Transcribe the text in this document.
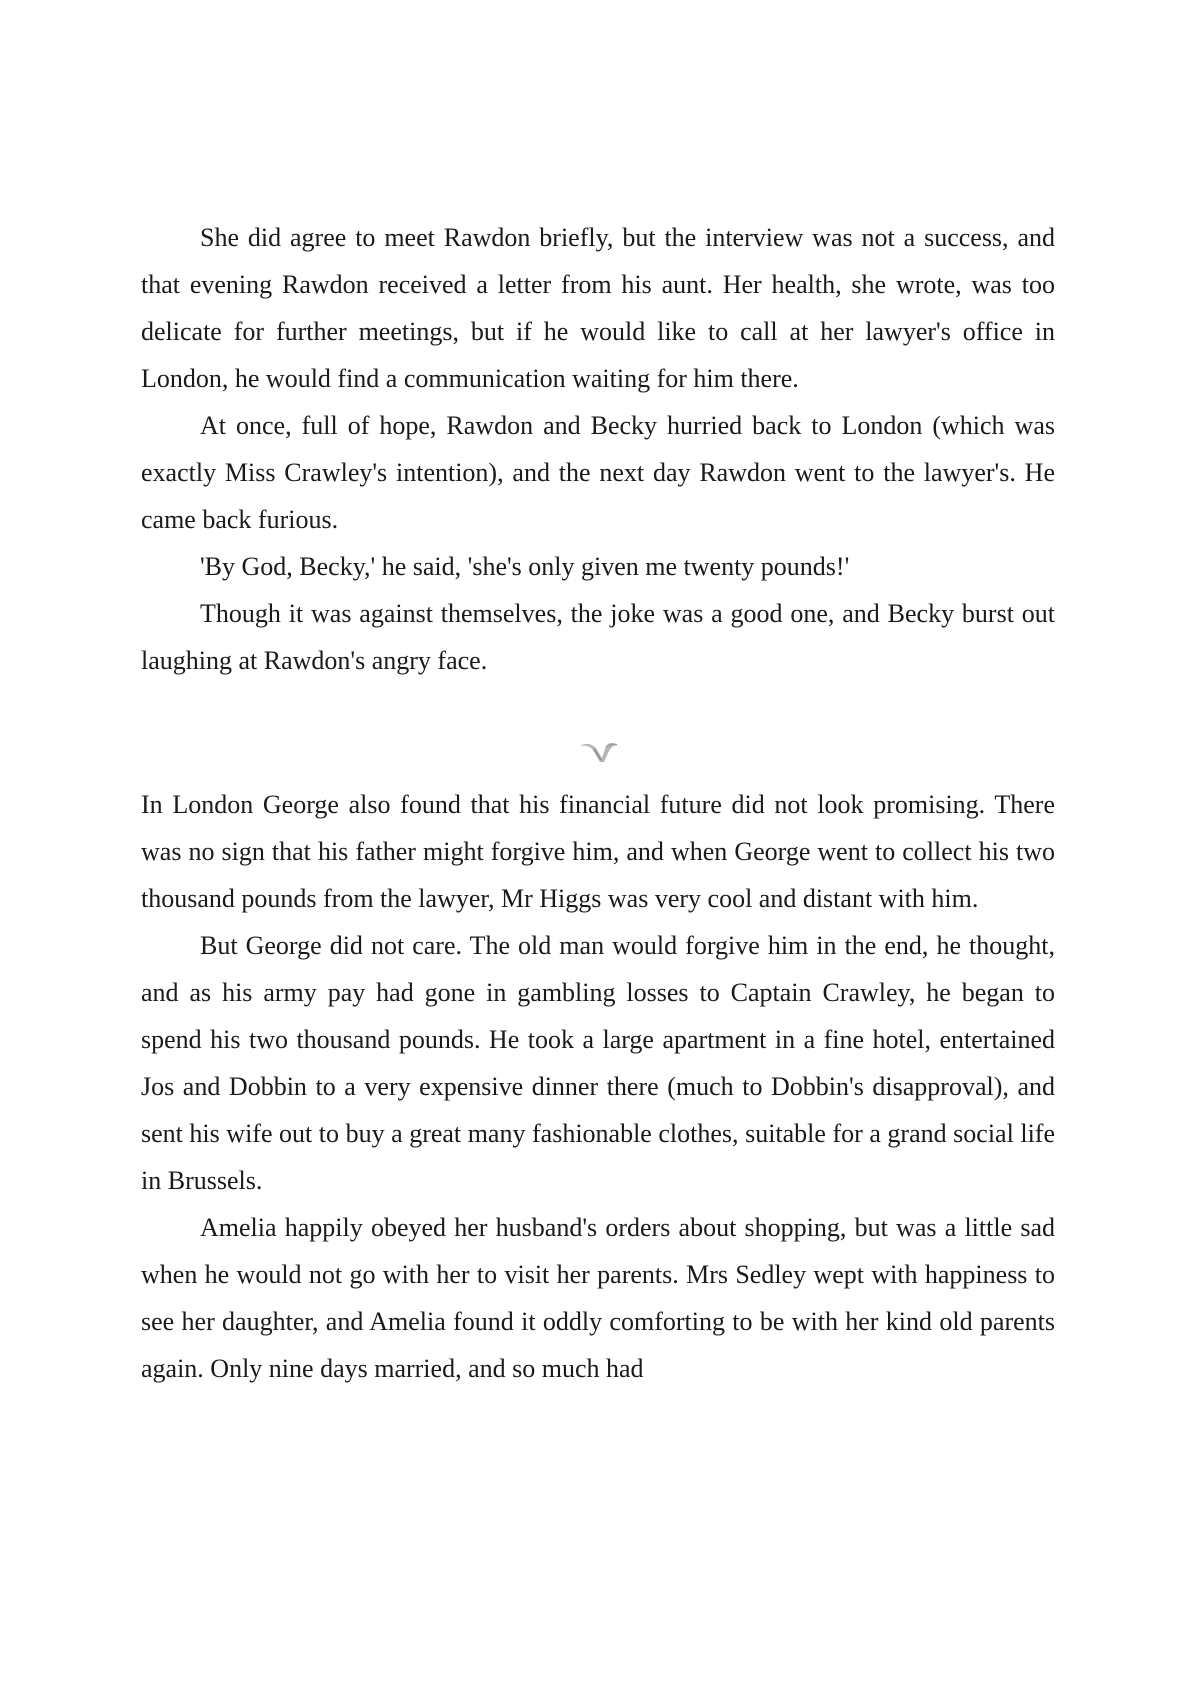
She did agree to meet Rawdon briefly, but the interview was not a success, and that evening Rawdon received a letter from his aunt. Her health, she wrote, was too delicate for further meetings, but if he would like to call at her lawyer's office in London, he would find a communication waiting for him there.

At once, full of hope, Rawdon and Becky hurried back to London (which was exactly Miss Crawley's intention), and the next day Rawdon went to the lawyer's. He came back furious.

'By God, Becky,' he said, 'she's only given me twenty pounds!'

Though it was against themselves, the joke was a good one, and Becky burst out laughing at Rawdon's angry face.

In London George also found that his financial future did not look promising. There was no sign that his father might forgive him, and when George went to collect his two thousand pounds from the lawyer, Mr Higgs was very cool and distant with him.

But George did not care. The old man would forgive him in the end, he thought, and as his army pay had gone in gambling losses to Captain Crawley, he began to spend his two thousand pounds. He took a large apartment in a fine hotel, entertained Jos and Dobbin to a very expensive dinner there (much to Dobbin's disapproval), and sent his wife out to buy a great many fashionable clothes, suitable for a grand social life in Brussels.

Amelia happily obeyed her husband's orders about shopping, but was a little sad when he would not go with her to visit her parents. Mrs Sedley wept with happiness to see her daughter, and Amelia found it oddly comforting to be with her kind old parents again. Only nine days married, and so much had
